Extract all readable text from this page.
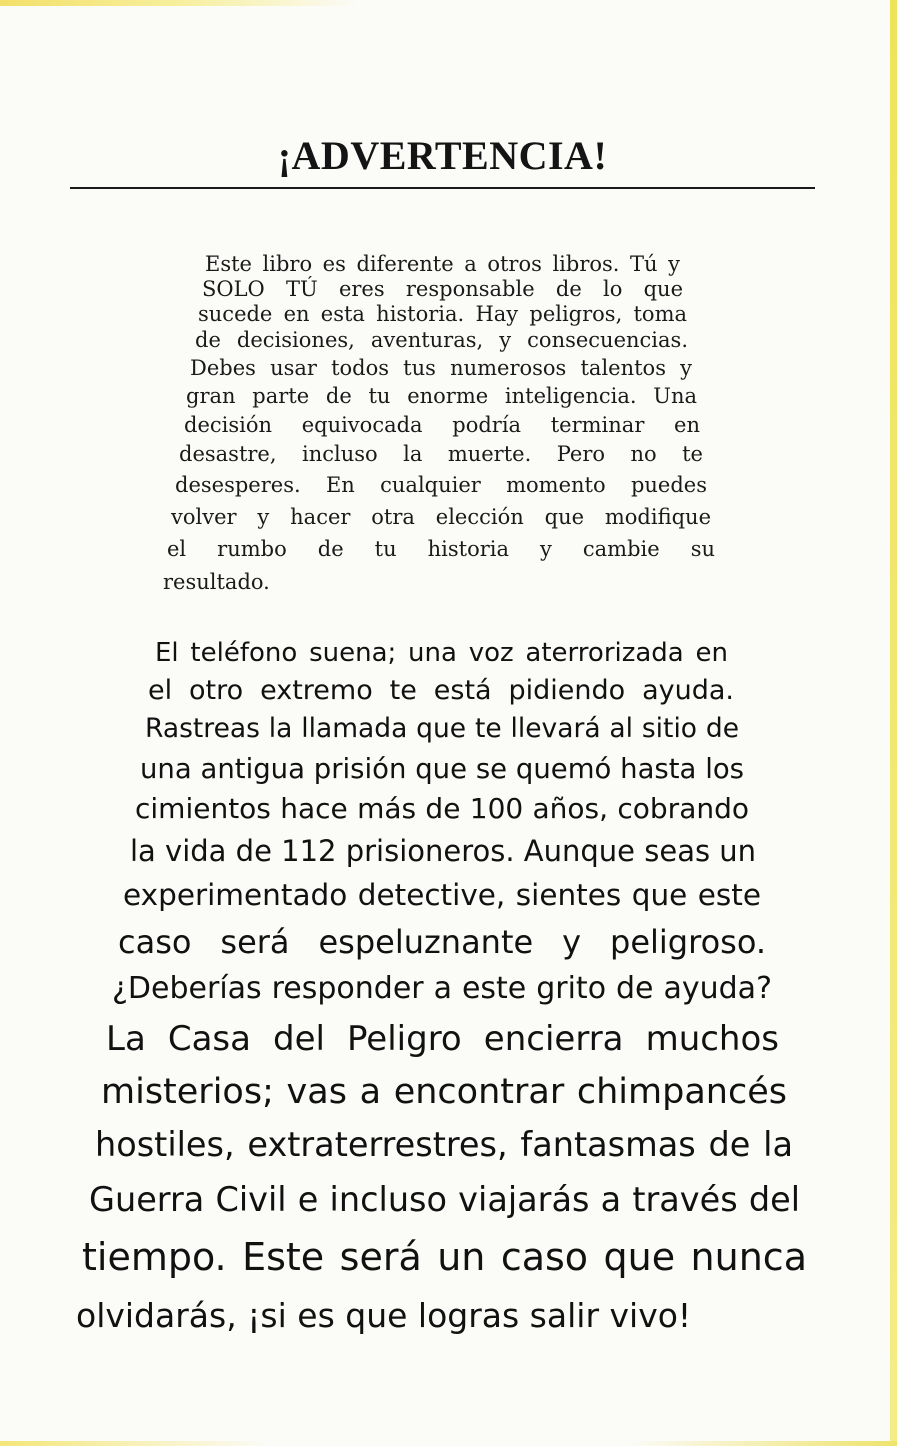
¡ADVERTENCIA!

Este libro es diferente a otros libros. Tú y

SOLO TÚ eres responsable de lo que

sucede en esta historia. Hay peligros, toma

de decisiones, aventuras, y consecuencias.

Debes usar todos tus numerosos talentos y

gran parte de tu enorme inteligencia. Una

decisión equivocada podría terminar en

desastre, incluso la muerte. Pero no te

desesperes. En cualquier momento puedes

volver y hacer otra elección que modifique

el rumbo de tu historia y cambie su

resultado.

El teléfono suena; una voz aterrorizada en

el otro extremo te está pidiendo ayuda.

Rastreas la llamada que te llevará al sitio de

una antigua prisión que se quemó hasta los

cimientos hace más de 100 años, cobrando

la vida de 112 prisioneros. Aunque seas un

experimentado detective, sientes que este

caso será espeluznante y peligroso.

¿Deberías responder a este grito de ayuda?

La Casa del Peligro encierra muchos

misterios; vas a encontrar chimpancés

hostiles, extraterrestres, fantasmas de la

Guerra Civil e incluso viajarás a través del

tiempo. Este será un caso que nunca

olvidarás, ¡si es que logras salir vivo!
